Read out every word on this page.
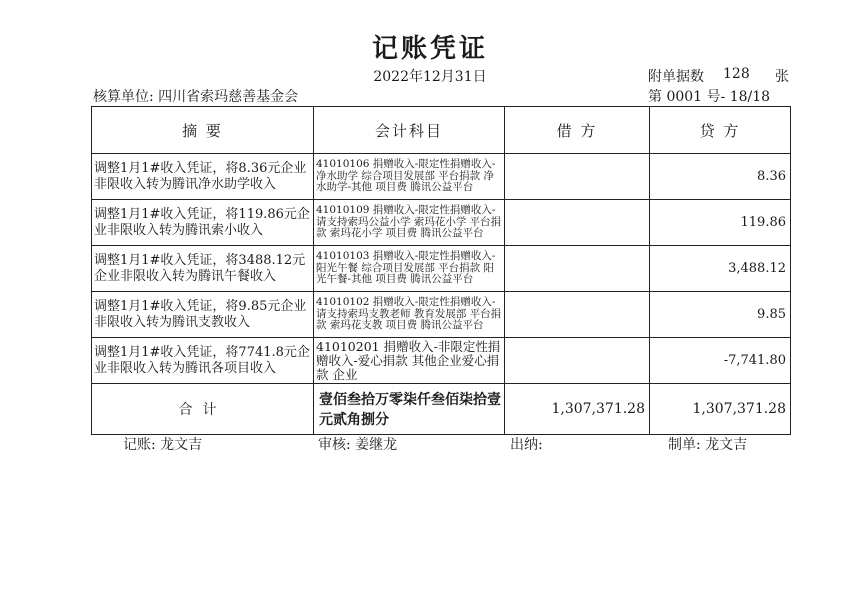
记账凭证
2022年12月31日	附单据数 128 张
核算单位: 四川省索玛慈善基金会	第 0001 号- 18/18
摘 要	会计科目	借 方	贷 方
调整1月1#收入凭证，将8.36元企业非限收入转为腾讯净水助学收入	41010106 捐赠收入-限定性捐赠收入-净水助学 综合项目发展部 平台捐款 净水助学-其他 项目费 腾讯公益平台		8.36
调整1月1#收入凭证，将119.86元企业非限收入转为腾讯索小收入	41010109 捐赠收入-限定性捐赠收入-请支持索玛公益小学 索玛花小学 平台捐款 索玛花小学 项目费 腾讯公益平台		119.86
调整1月1#收入凭证，将3488.12元企业非限收入转为腾讯午餐收入	41010103 捐赠收入-限定性捐赠收入-阳光午餐 综合项目发展部 平台捐款 阳光午餐-其他 项目费 腾讯公益平台		3,488.12
调整1月1#收入凭证，将9.85元企业非限收入转为腾讯支教收入	41010102 捐赠收入-限定性捐赠收入-请支持索玛支教老师 教育发展部 平台捐款 索玛花支教 项目费 腾讯公益平台		9.85
调整1月1#收入凭证，将7741.8元企业非限收入转为腾讯各项目收入	41010201 捐赠收入-非限定性捐赠收入-爱心捐款 其他企业爱心捐款 企业		-7,741.80
合计	壹佰叁拾万零柒仟叁佰柒拾壹元贰角捌分	1,307,371.28	1,307,371.28
记账: 龙文吉	审核: 姜继龙	出纳:	制单: 龙文吉
